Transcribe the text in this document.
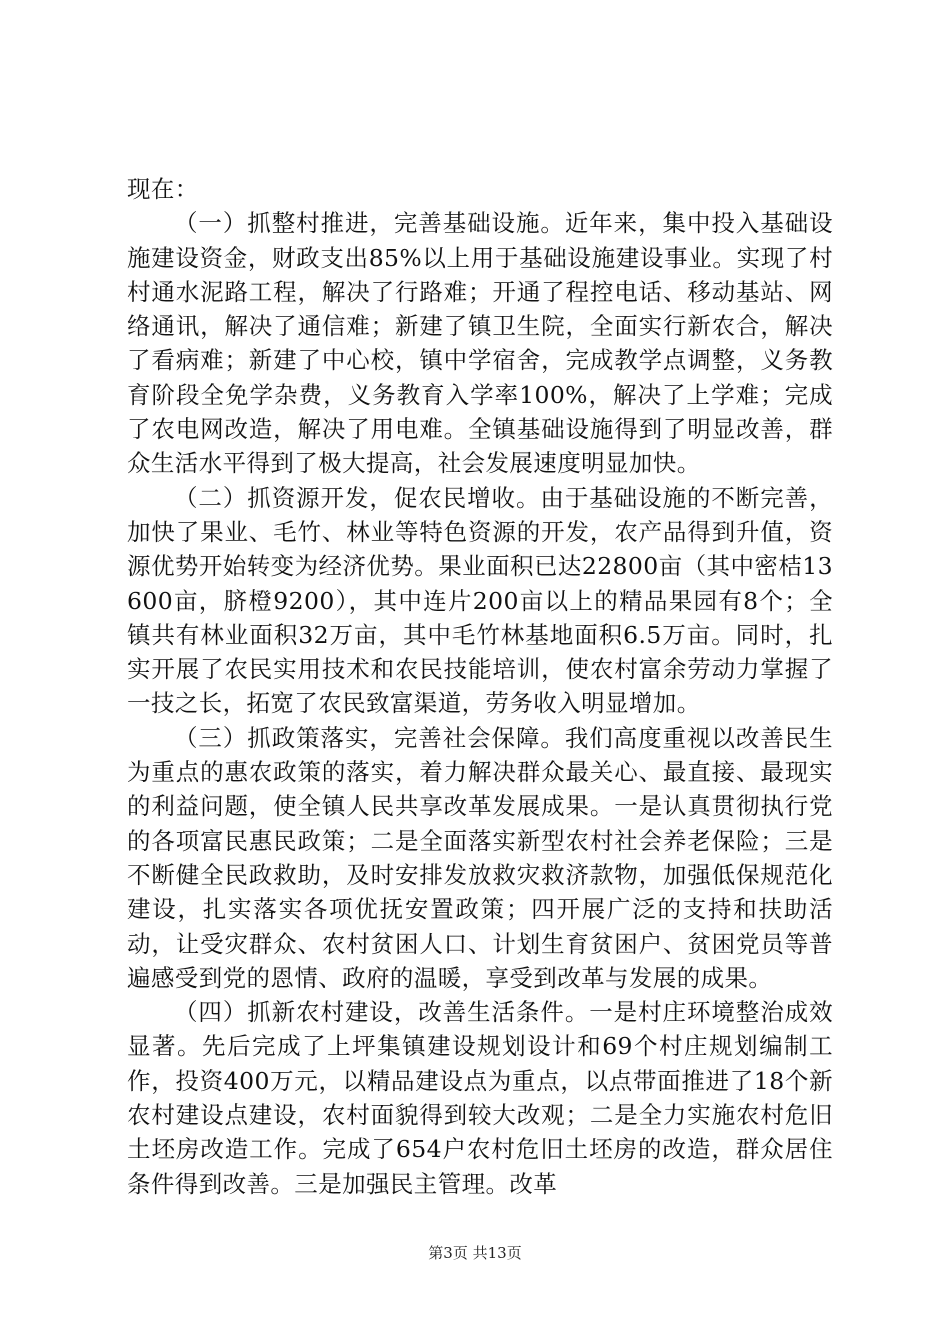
现在：

（一）抓整村推进，完善基础设施。近年来，集中投入基础设施建设资金，财政支出85%以上用于基础设施建设事业。实现了村村通水泥路工程，解决了行路难；开通了程控电话、移动基站、网络通讯，解决了通信难；新建了镇卫生院，全面实行新农合，解决了看病难；新建了中心校，镇中学宿舍，完成教学点调整，义务教育阶段全免学杂费，义务教育入学率100%，解决了上学难；完成了农电网改造，解决了用电难。全镇基础设施得到了明显改善，群众生活水平得到了极大提高，社会发展速度明显加快。

（二）抓资源开发，促农民增收。由于基础设施的不断完善，加快了果业、毛竹、林业等特色资源的开发，农产品得到升值，资源优势开始转变为经济优势。果业面积已达22800亩（其中密桔13600亩，脐橙9200），其中连片200亩以上的精品果园有8个；全镇共有林业面积32万亩，其中毛竹林基地面积6.5万亩。同时，扎实开展了农民实用技术和农民技能培训，使农村富余劳动力掌握了一技之长，拓宽了农民致富渠道，劳务收入明显增加。

（三）抓政策落实，完善社会保障。我们高度重视以改善民生为重点的惠农政策的落实，着力解决群众最关心、最直接、最现实的利益问题，使全镇人民共享改革发展成果。一是认真贯彻执行党的各项富民惠民政策；二是全面落实新型农村社会养老保险；三是不断健全民政救助，及时安排发放救灾救济款物，加强低保规范化建设，扎实落实各项优抚安置政策；四开展广泛的支持和扶助活动，让受灾群众、农村贫困人口、计划生育贫困户、贫困党员等普遍感受到党的恩情、政府的温暖，享受到改革与发展的成果。

（四）抓新农村建设，改善生活条件。一是村庄环境整治成效显著。先后完成了上坪集镇建设规划设计和69个村庄规划编制工作，投资400万元，以精品建设点为重点，以点带面推进了18个新农村建设点建设，农村面貌得到较大改观；二是全力实施农村危旧土坯房改造工作。完成了654户农村危旧土坯房的改造，群众居住条件得到改善。三是加强民主管理。改革

第3页 共13页
